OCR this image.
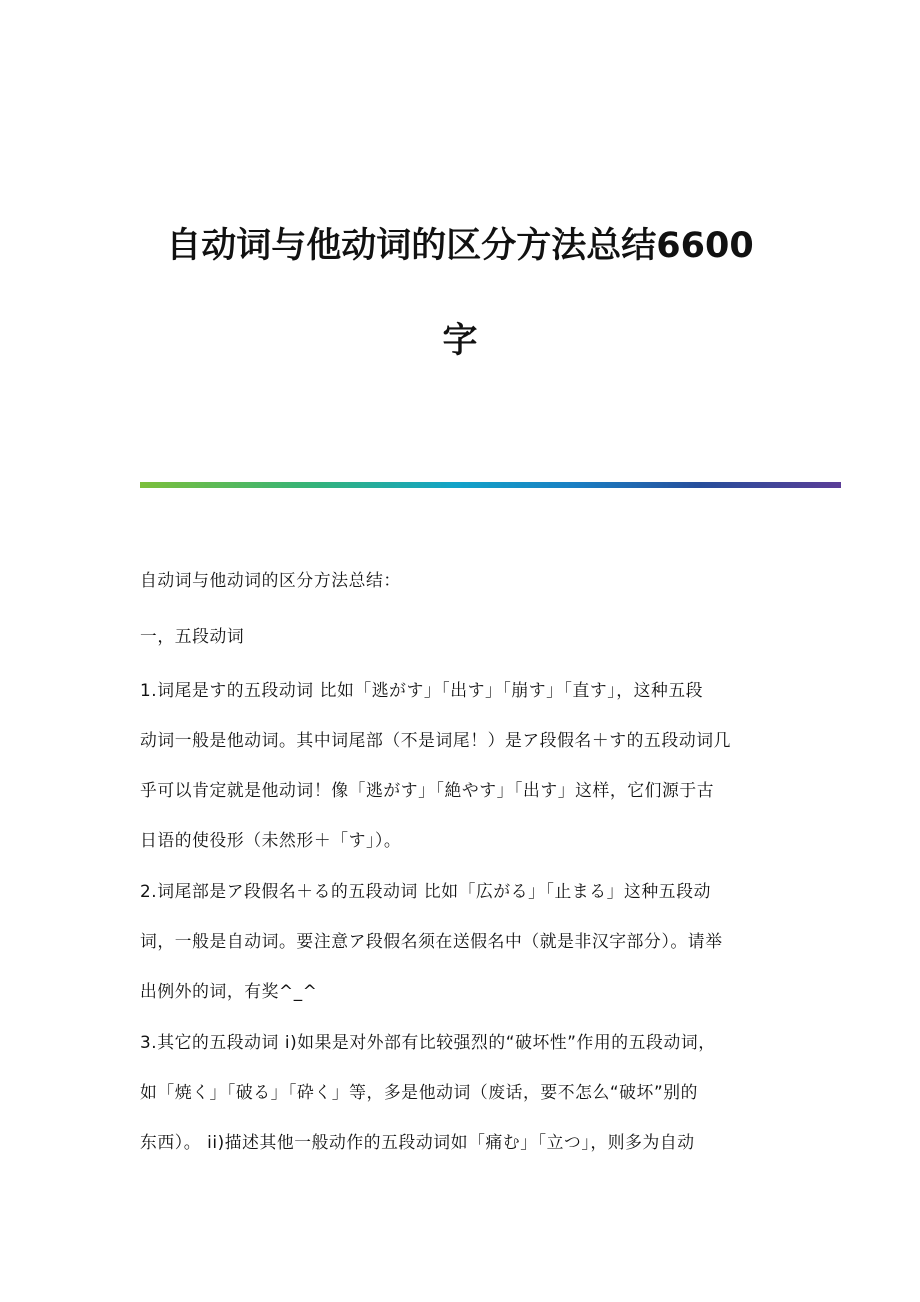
自动词与他动词的区分方法总结6600
字

自动词与他动词的区分方法总结：

一，五段动词

1.词尾是す的五段动词 比如「逃がす」「出す」「崩す」「直す」，这种五段
动词一般是他动词。其中词尾部（不是词尾！）是ア段假名＋す的五段动词几
乎可以肯定就是他动词！像「逃がす」「絶やす」「出す」这样，它们源于古
日语的使役形（未然形＋「す」）。

2.词尾部是ア段假名＋る的五段动词 比如「広がる」「止まる」这种五段动
词，一般是自动词。要注意ア段假名须在送假名中（就是非汉字部分）。请举
出例外的词，有奖^_^

3.其它的五段动词 i)如果是对外部有比较强烈的“破坏性”作用的五段动词，
如「焼く」「破る」「砕く」等，多是他动词（废话，要不怎么“破坏”别的
东西）。 ii)描述其他一般动作的五段动词如「痛む」「立つ」，则多为自动
